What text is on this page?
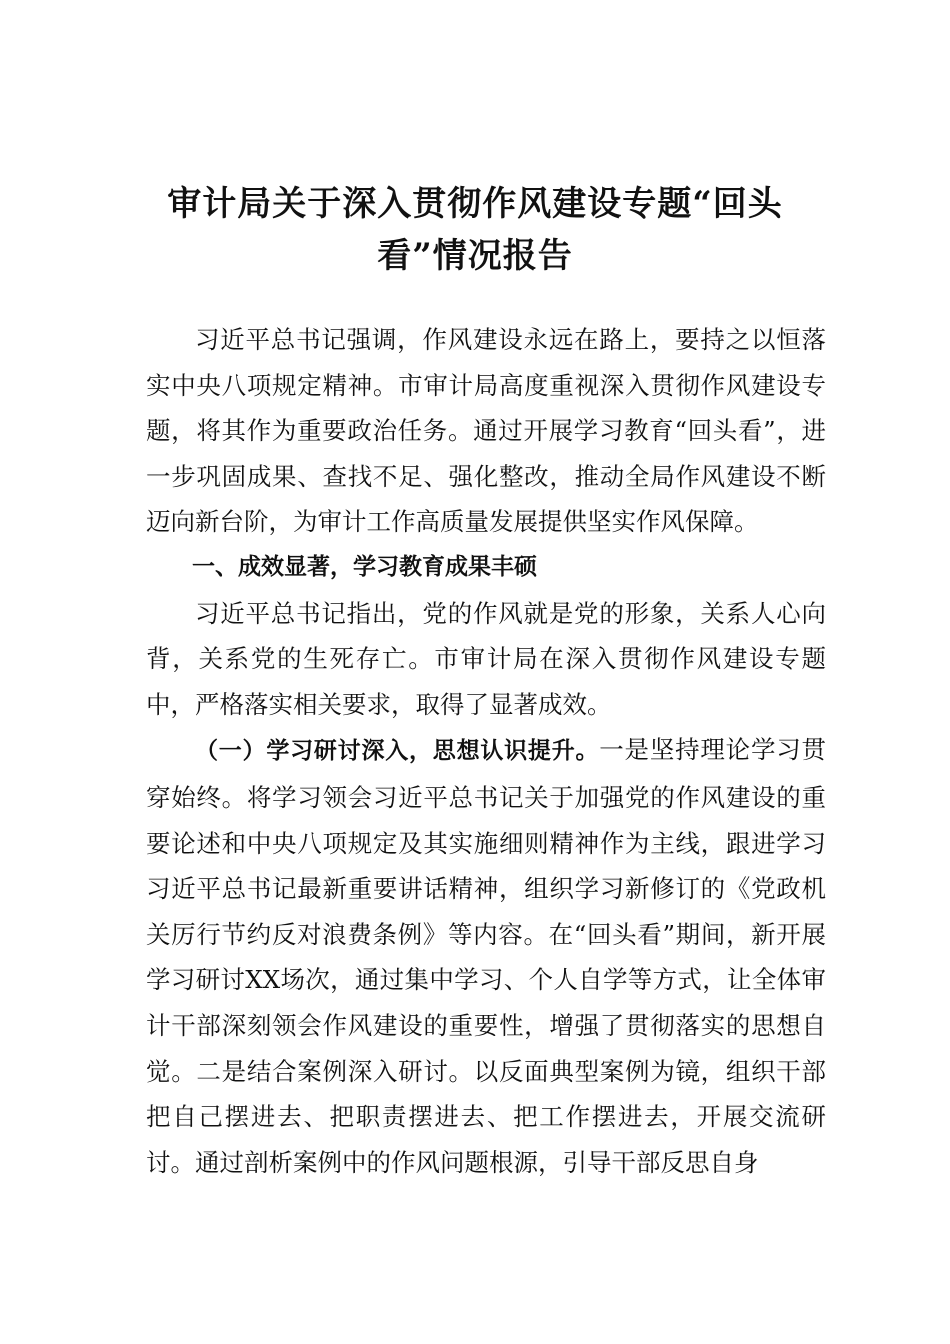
审计局关于深入贯彻作风建设专题“回头
看”情况报告

习近平总书记强调，作风建设永远在路上，要持之以恒落实中央八项规定精神。市审计局高度重视深入贯彻作风建设专题，将其作为重要政治任务。通过开展学习教育“回头看”，进一步巩固成果、查找不足、强化整改，推动全局作风建设不断迈向新台阶，为审计工作高质量发展提供坚实作风保障。

一、成效显著，学习教育成果丰硕

习近平总书记指出，党的作风就是党的形象，关系人心向背，关系党的生死存亡。市审计局在深入贯彻作风建设专题中，严格落实相关要求，取得了显著成效。

（一）学习研讨深入，思想认识提升。一是坚持理论学习贯穿始终。将学习领会习近平总书记关于加强党的作风建设的重要论述和中央八项规定及其实施细则精神作为主线，跟进学习习近平总书记最新重要讲话精神，组织学习新修订的《党政机关厉行节约反对浪费条例》等内容。在“回头看”期间，新开展学习研讨XX场次，通过集中学习、个人自学等方式，让全体审计干部深刻领会作风建设的重要性，增强了贯彻落实的思想自觉。二是结合案例深入研讨。以反面典型案例为镜，组织干部把自己摆进去、把职责摆进去、把工作摆进去，开展交流研讨。通过剖析案例中的作风问题根源，引导干部反思自身
